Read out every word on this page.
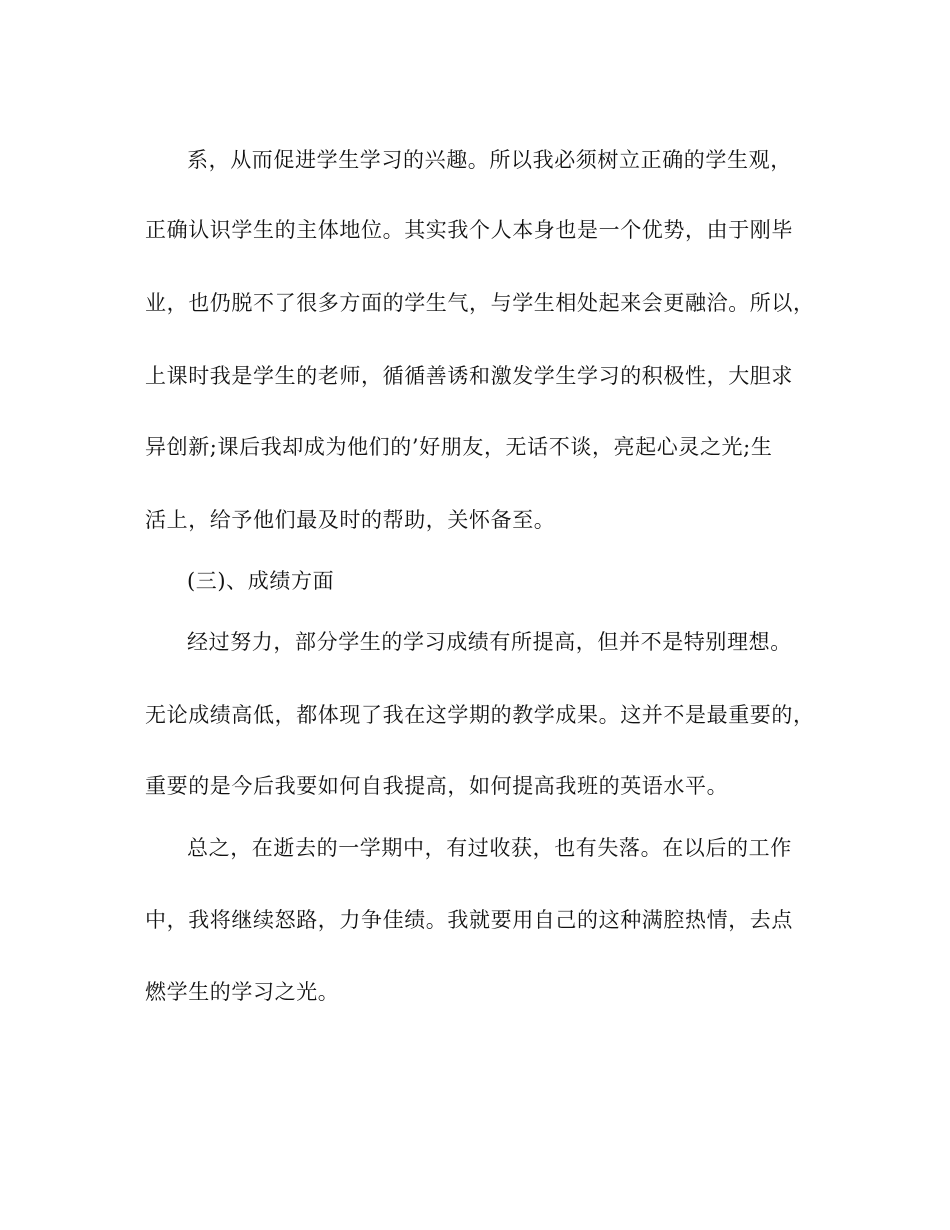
系，从而促进学生学习的兴趣。所以我必须树立正确的学生观，
正确认识学生的主体地位。其实我个人本身也是一个优势，由于刚毕
业，也仍脱不了很多方面的学生气，与学生相处起来会更融洽。所以，
上课时我是学生的老师，循循善诱和激发学生学习的积极性，大胆求
异创新;课后我却成为他们的’好朋友，无话不谈，亮起心灵之光;生
活上，给予他们最及时的帮助，关怀备至。
(三)、成绩方面
经过努力，部分学生的学习成绩有所提高，但并不是特别理想。
无论成绩高低，都体现了我在这学期的教学成果。这并不是最重要的，
重要的是今后我要如何自我提高，如何提高我班的英语水平。
总之，在逝去的一学期中，有过收获，也有失落。在以后的工作
中，我将继续怒路，力争佳绩。我就要用自己的这种满腔热情，去点
燃学生的学习之光。
